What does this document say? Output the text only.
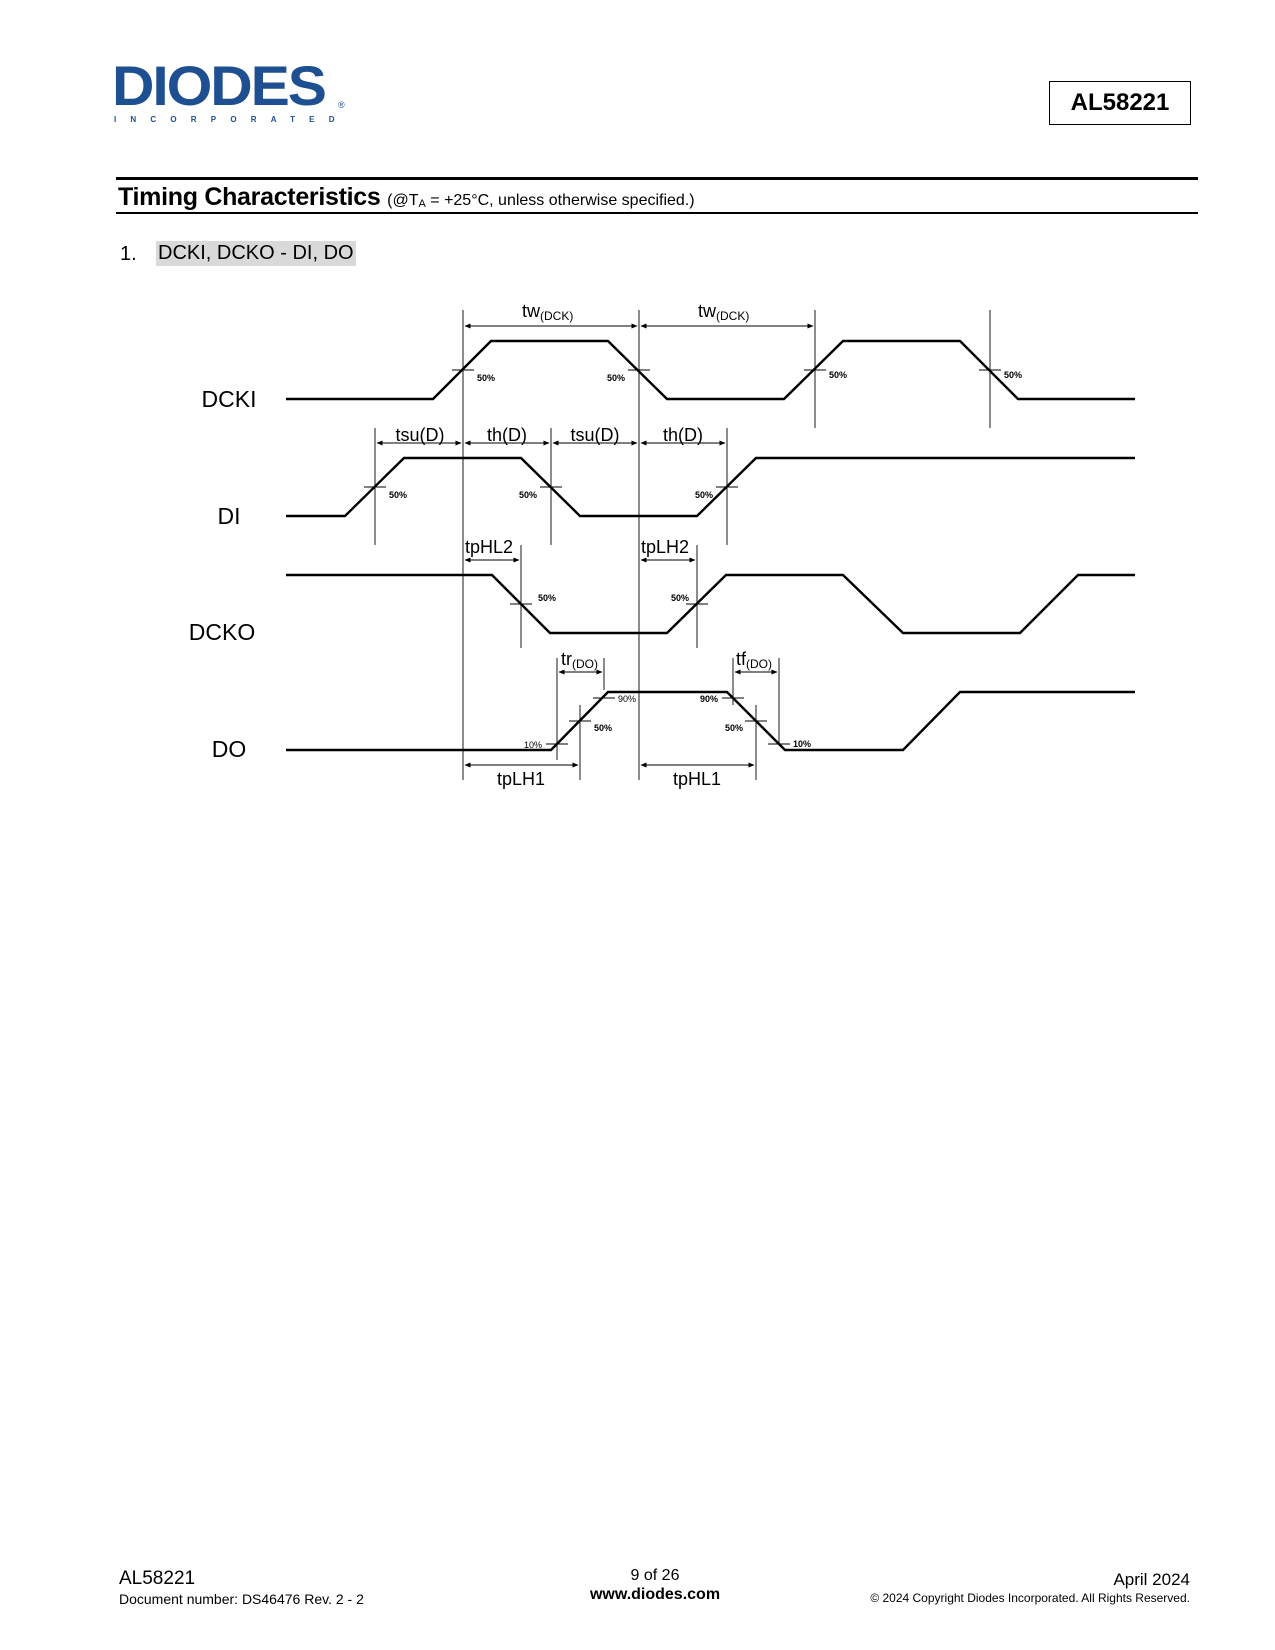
DIODES ®
INCORPORATED
AL58221
Timing Characteristics ($@T_A = +25^\circ C$, unless otherwise specified.)
1. DCKI, DCKO - DI, DO
DCKI
DI
DCKO
DO
50%	50%	50%	50%
50%	50%	50%
50%	50%
50%	50%
90%	90%
10%	10%
tw(DCK)	tw(DCK)
tsu(D) th(D) tsu(D) th(D)
tpHL2	tpLH2
tr(DO)	tf(DO)
tpLH1	tpHL1
AL58221
Document number: DS46476 Rev. 2 - 2
9 of 26
www.diodes.com
April 2024
© 2024 Copyright Diodes Incorporated. All Rights Reserved.
